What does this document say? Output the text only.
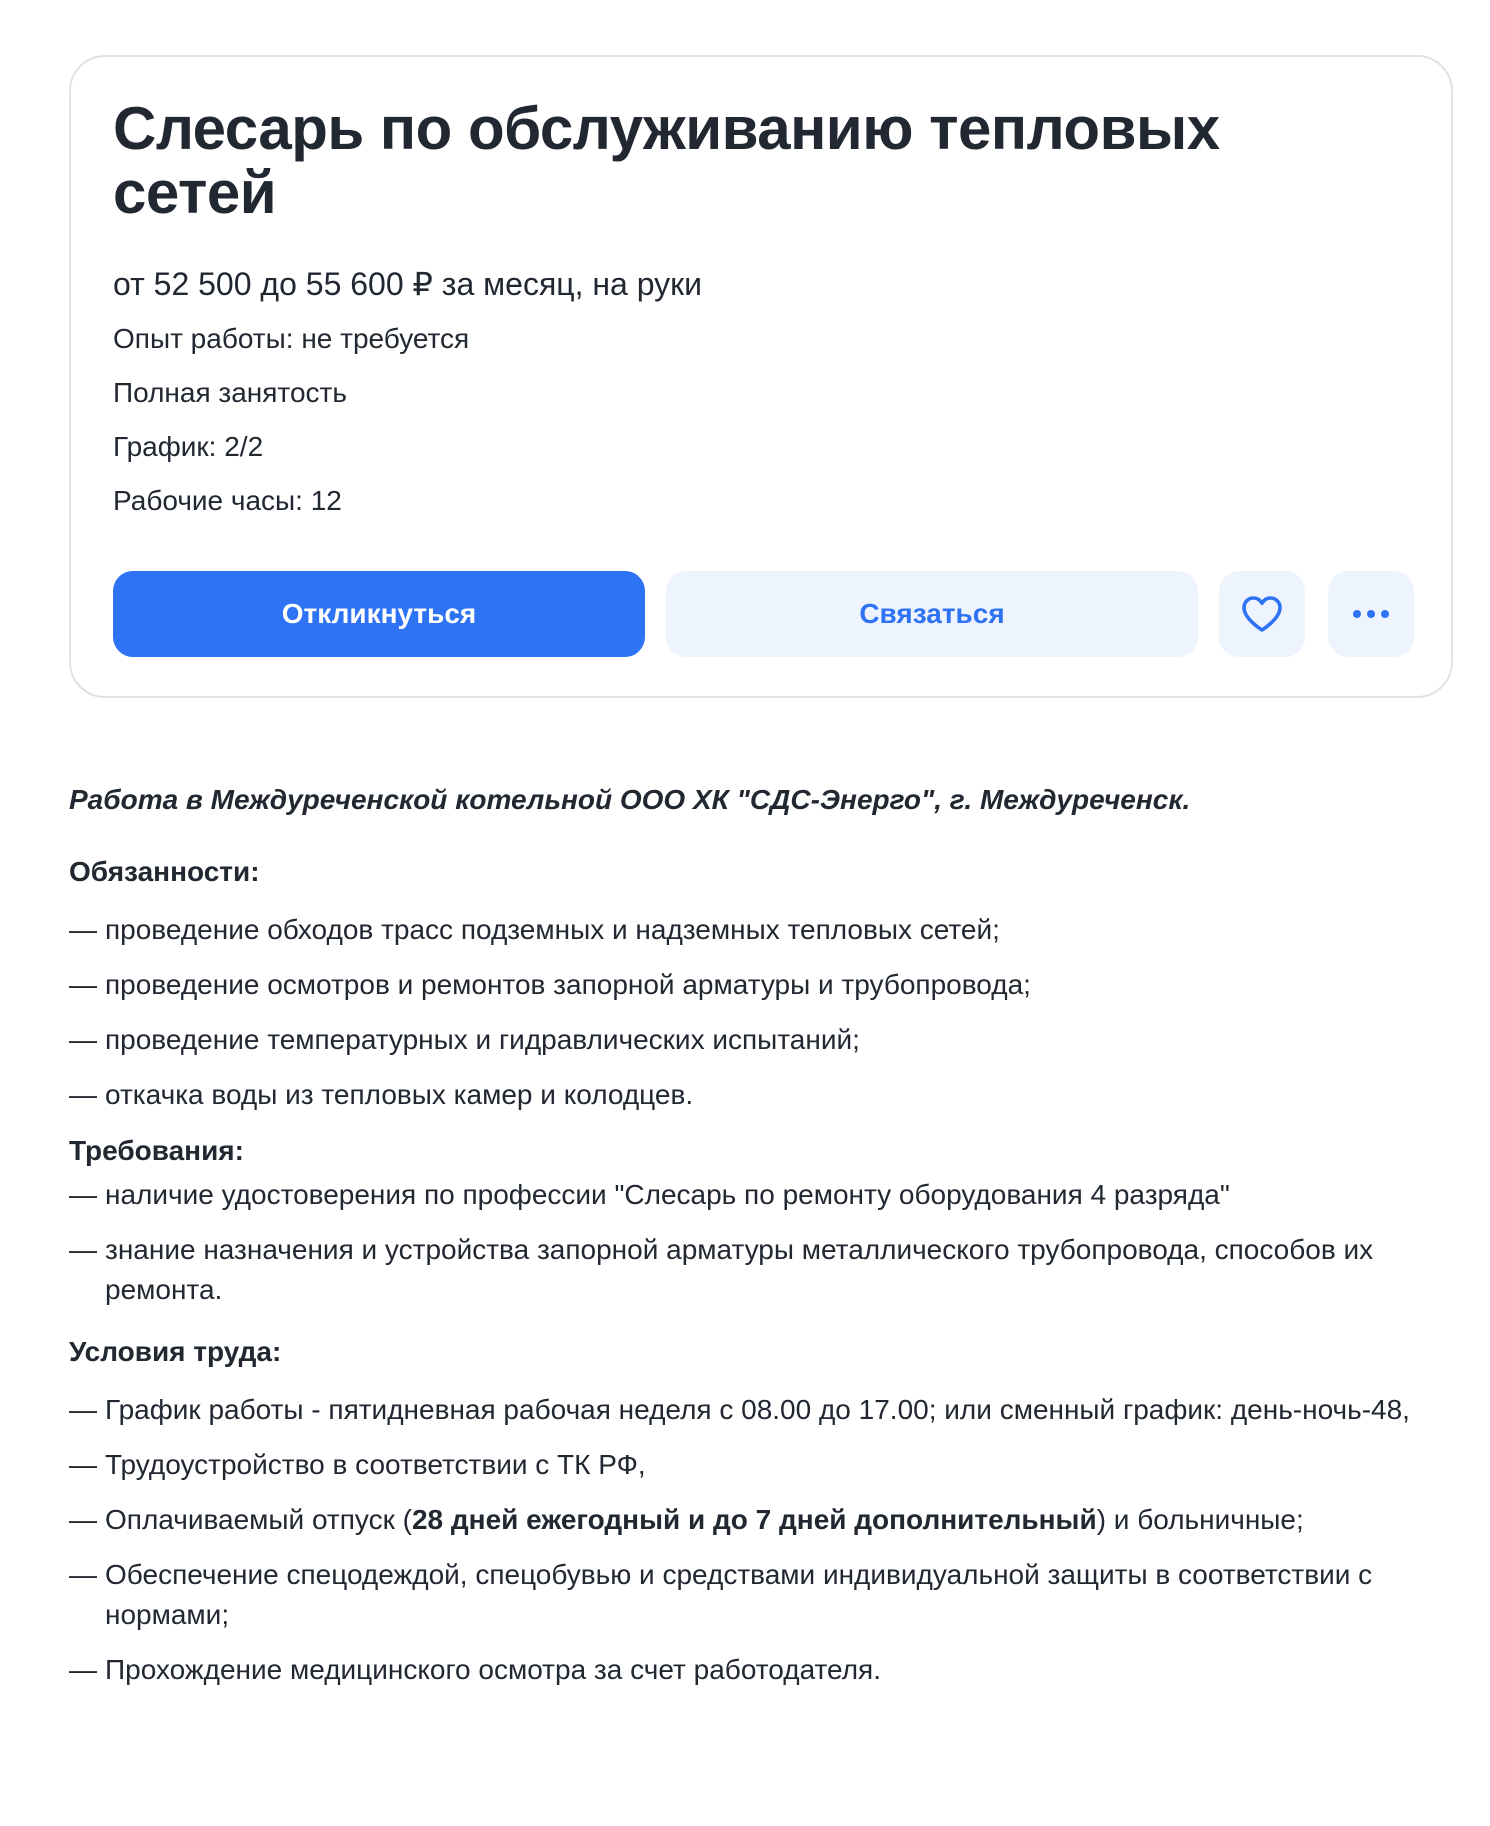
Слесарь по обслуживанию тепловых сетей
от 52 500 до 55 600 ₽ за месяц, на руки
Опыт работы: не требуется
Полная занятость
График: 2/2
Рабочие часы: 12
Откликнуться	Связаться

Работа в Междуреченской котельной ООО ХК "СДС-Энерго", г. Междуреченск.

Обязанности:
— проведение обходов трасс подземных и надземных тепловых сетей;
— проведение осмотров и ремонтов запорной арматуры и трубопровода;
— проведение температурных и гидравлических испытаний;
— откачка воды из тепловых камер и колодцев.
Требования:
— наличие удостоверения по профессии "Слесарь по ремонту оборудования 4 разряда"
— знание назначения и устройства запорной арматуры металлического трубопровода, способов их ремонта.
Условия труда:
— График работы - пятидневная рабочая неделя с 08.00 до 17.00; или сменный график: день-ночь-48,
— Трудоустройство в соответствии с ТК РФ,
— Оплачиваемый отпуск (28 дней ежегодный и до 7 дней дополнительный) и больничные;
— Обеспечение спецодеждой, спецобувью и средствами индивидуальной защиты в соответствии с нормами;
— Прохождение медицинского осмотра за счет работодателя.
